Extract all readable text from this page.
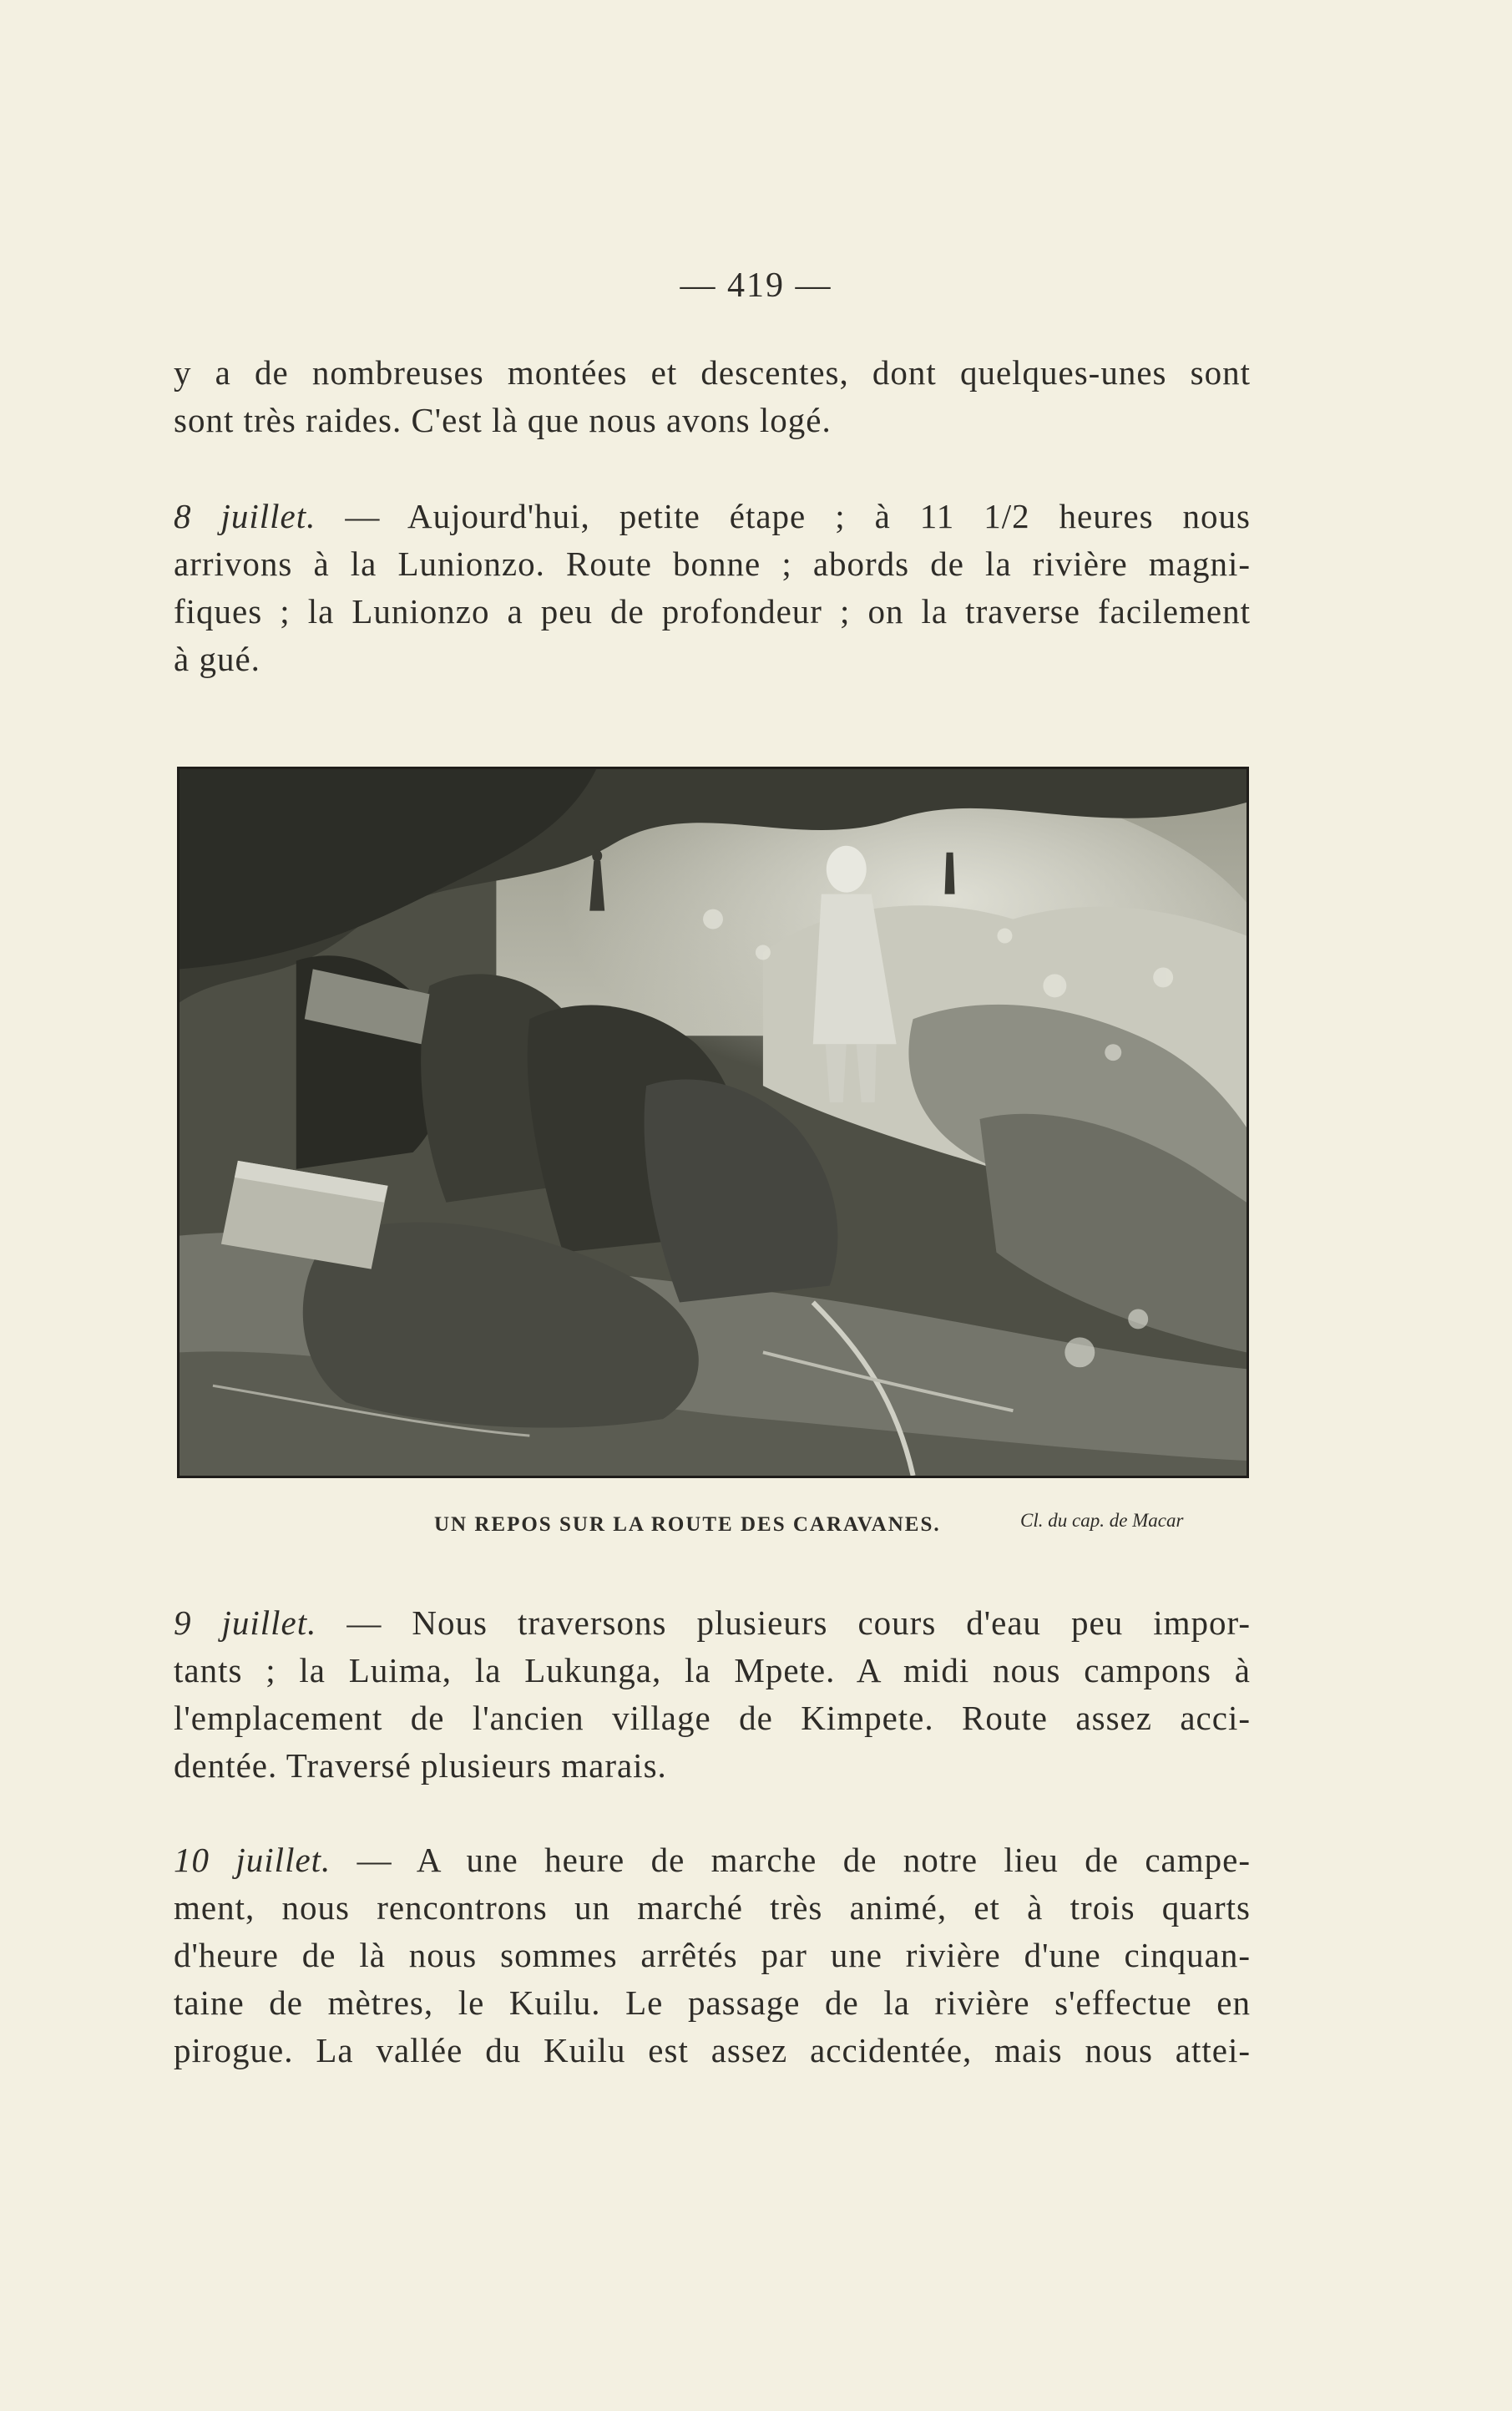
— 419 —
y a de nombreuses montées et descentes, dont quelques-unes sont
sont très raides. C'est là que nous avons logé.
8 juillet. — Aujourd'hui, petite étape ; à 11 1/2 heures nous
arrivons à la Lunionzo. Route bonne ; abords de la rivière magni-
fiques ; la Lunionzo a peu de profondeur ; on la traverse facilement
à gué.
UN REPOS SUR LA ROUTE DES CARAVANES.	Cl. du cap. de Macar
9 juillet. — Nous traversons plusieurs cours d'eau peu impor-
tants ; la Luima, la Lukunga, la Mpete. A midi nous campons à
l'emplacement de l'ancien village de Kimpete. Route assez acci-
dentée. Traversé plusieurs marais.
10 juillet. — A une heure de marche de notre lieu de campe-
ment, nous rencontrons un marché très animé, et à trois quarts
d'heure de là nous sommes arrêtés par une rivière d'une cinquan-
taine de mètres, le Kuilu. Le passage de la rivière s'effectue en
pirogue. La vallée du Kuilu est assez accidentée, mais nous attei-
